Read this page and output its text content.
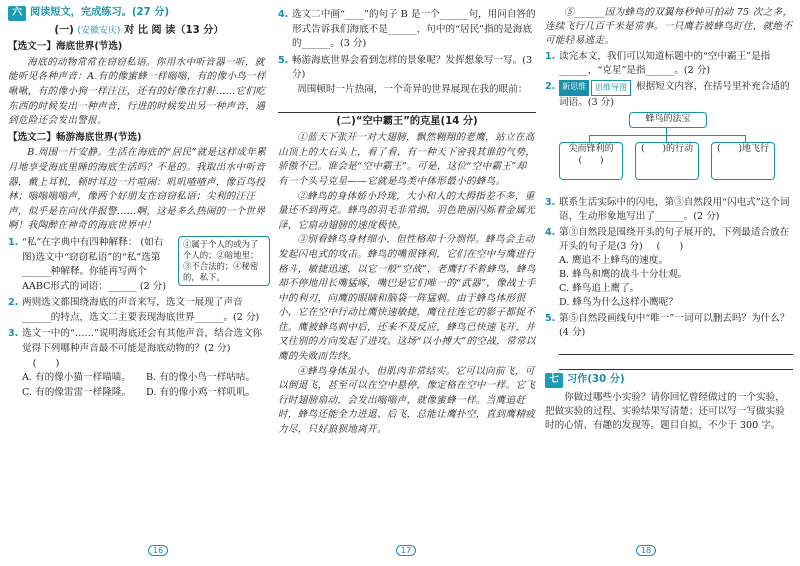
六 阅读短文，完成练习。(27 分)
(一) (安徽安庆) 对 比 阅 读（13 分）
【选文一】海底世界(节选)

海底的动物常常在窃窃私语。你用水中听音器一听，就能听见各种声音：A.有的像蜜蜂一样嗡嗡，有的像小鸟一样啾啾，有的像小狗一样汪汪，还有的好像在打鼾……它们吃东西的时候发出一种声音，行进的时候发出另一种声音，遇到危险还会发出警报。

【选文二】畅游海底世界(节选)

B.周围一片安静。生活在海底的“居民”就是这样成年累月地享受海底里睡的海底生活吗？不是的。我取出水中听音器，戴上耳机，顿时耳边一片喧闹：叽叽喳喳声，像百鸟投林；嗡嗡嗡嗡声，像两个好朋友在窃窃私语；尖利的汪汪声，似乎是在向伙伴报警……啊，这是多么热闹的一个世界啊！我陶醉在神奇的海底世界中！

1.	①属于个人的或为了个人的；②暗地里；③不合法的；④秘密的，私下。
“私”在字典中有四种解释： (如右图)选文中“窃窃私语”的“私”选第______种解释。你能再写两个AABC形式的词语：______ (2 分)
2. 两则选文都围绕海底的声音来写，选文一展现了声音______的特点，选文二主要表现海底世界______。(2 分)
3. 选文一中的“……”说明海底还会有其他声音，结合选文你觉得下列哪种声音最不可能是海底动物的？(2 分) (　　)
A. 有的像小猫一样喵喵。	B. 有的像小鸟一样咕咕。
C. 有的像雷雷一样隆隆。	D. 有的像小鸡一样叽叽。
16
4. 选文二中画“____”的句子 B 是一个______句，用问自答的形式告诉我们海底不是______，句中的“居民”指的是海底的______。(3 分)
5. 畅游海底世界会看到怎样的景象呢？发挥想象写一写。(3 分)

周围顿时一片热闹，一个奇异的世界展现在我的眼前：

(二)“空中霸王”的克星(14 分)

①蓝天下张开一对大翅膀，飘然翱翔的老鹰，站立在高山顶上的大石头上，看了看，有一种天下舍我其谁的气势，骄傲不已。谁会是“空中霸王”。可是，这位“空中霸王”却有一个头号克星——它就是鸟类中体形最小的蜂鸟。

②蜂鸟的身体娇小玲珑，大小和人的大拇指差不多，重量还不到两克。蜂鸟的羽毛非常细，羽色艳丽闪烁着金属光泽，它扇动翅膀的速度极快。

③别看蜂鸟身材细小，但性格却十分剽悍。蜂鸟会主动发起闪电式的攻击。蜂鸟的嘴很锋利，它们在空中与鹰进行格斗，敏捷迅速，以它一般“空战”，老鹰打不着蜂鸟，蜂鸟却不停地用长嘴猛啄，嘴巴是它们唯一的“武器”，像战士手中的利刃，向鹰的眼睛和脑袋一阵猛刺。由于蜂鸟体形很小，它在空中行动比鹰快速敏捷，鹰往往连它的影子都捉不住。鹰被蜂鸟刺中后，还来不及反应，蜂鸟已快速飞开，并又往别的方向发起了进攻。这场“以小搏大”的空战，常常以鹰的失败而告终。

④蜂鸟身体虽小，但肌肉非常结实。它可以向前飞，可以倒退飞，甚至可以在空中悬停，像定格在空中一样。它飞行时翅膀扇动，会发出嗡嗡声，就像蜜蜂一样。当鹰追赶时，蜂鸟还能全力进退、后飞，总能让鹰扑空，直到鹰精疲力尽，只好狼狈地离开。

17

⑤______因为蜂鸟的双翼每秒钟可拍动 75 次之多，连续飞行几百千米是常事。一只鹰若被蜂鸟盯住，就绝不可能轻易逃走。

1. 读完本文，我们可以知道标题中的“空中霸王”是指______，“克星”是指______。(2 分)
2. 新思维	思维导图 根据短文内容，在括号里补充合适的词语。(3 分)
蜂鸟的法宝
尖而锋利的(　　)
(　　)的行动	(　　)地飞行
3. 联系生活实际中的闪电，第③自然段用“闪电式”这个词语，生动形象地写出了______。(2 分)
4. 第③自然段是围绕开头的句子展开的，下列最适合放在开头的句子是(3 分) (　　)
A. 鹰追不上蜂鸟的速度。
B. 蜂鸟和鹰的战斗十分壮观。
C. 蜂鸟追上鹰了。
D. 蜂鸟为什么这样小鹰呢？
5. 第⑤自然段画线句中“唯一”一词可以删去吗？为什么？(4 分)
七 习作(30 分)

你做过哪些小实验？请你回忆曾经做过的一个实验，把做实验的过程、实验结果写清楚；还可以写一写做实验时的心情、有趣的发现等。题目自拟，不少于 300 字。

18
